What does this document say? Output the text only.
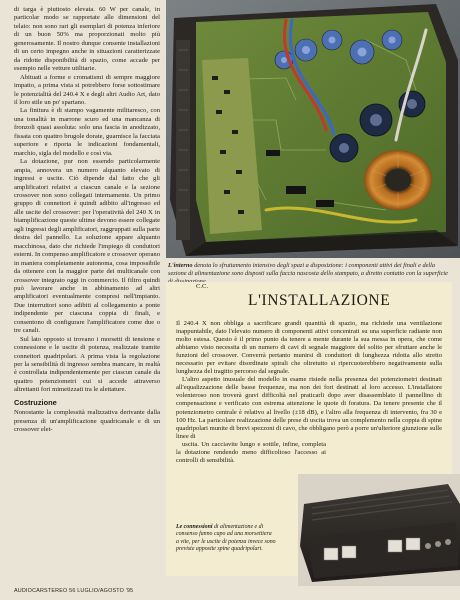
di targa è piuttosto elevata. 60 W per canale, in particolar modo se rapportate alle dimensioni del telaio: non sono rari gli esemplari di potenza inferiore di un buon 50% ma proporzionati molto più generosamente. Il nostro dunque consente installazioni di un certo impegno anche in situazioni caratterizzate da ridotte disponibilità di spazio, come accade per esempio nelle vetture utilitarie.

Abituati a forme e cromatismi di sempre maggiore impatto, a prima vista si potrebbero forse sottostimare le potenzialità del 240.4 X e degli altri Audio Art, dato il loro stile un po' spartano.

La finitura è di stampo vagamente militaresco, con una tonalità in marrone scuro ed una mancanza di fronzoli quasi assoluta: solo una fascia in anodizzato, fissata con quattro brugole dorate, guarnisce la facciata superiore e riporta le indicazioni fondamentali, marchio, sigla del modello e così via.

La dotazione, pur non essendo particolarmente ampia, annovera un numero alquanto elevato di ingressi e uscite. Ciò dipende dal fatto che gli amplificatori relativi a ciascun canale e la sezione crossover non sono collegati internamente. Un primo gruppo di connettori è quindi adibito all'ingresso ed alle uscite del crossover: per l'operatività del 240 X in biamplificazione queste ultime devono essere collegate agli ingressi degli amplificatori, raggruppati sulla parte destra del pannello. La soluzione appare alquanto macchinosa, dato che richiede l'impiego di conduttori esterni. In compenso amplificatore e crossover operano in maniera completamente autonoma, cosa impossibile da ottenere con la maggior parte dei multicanale con crossover integrato oggi in commercio. Il filtro quindi può lavorare anche in abbinamento ad altri amplificatori eventualmente compresi nell'impianto. Due interruttori sono adibiti al collegamento a ponte indipendente per ciascuna coppia di finali, e consentono di configurare l'amplificatore come due o tre canali.

Sul lato opposto si trovano i morsetti di tensione e connessione e le uscite di potenza, realizzate tramite connettori quadripolari. A prima vista la regolazione per la sensibilità di ingresso sembra mancare, in realtà è controllata indipendentemente per ciascun canale da quattro potenziometri cui si accede attraverso altrettanti fori mimetizzati tra le alettature.

Costruzione

Nonostante la complessità realizzativa derivante dalla presenza di un'amplificazione quadricanale e di un crossover elet-

L'interno denota lo sfruttamento intensivo degli spazi a disposizione: i componenti attivi dei finali e della sezione di alimentazione sono disposti sulla faccia nascosta dello stampato, a diretto contatto con la superficie
L'INSTALLAZIONE

Il 240.4 X non obbliga a sacrificare grandi quantità di spazio, ma richiede una ventilazione inappuntabile, dato l'elevato numero di componenti attivi concentrati su una superficie radiante non molto estesa. Questo è il primo punto da tenere a mente durante la sua messa in opera, che come abbiamo visto necessita di un numero di cavi di segnale maggiore del solito per sfruttare anche le funzioni del crossover. Converrà pertanto munirsi di conduttori di lunghezza ridotta allo stretto necessario per evitare disordinate spirali che oltretutto si ripercuoterebbero negativamente sulla lunghezza del tragitto percorso dal segnale.

L'altro aspetto inusuale del modello in esame risiede nella presenza dei potenziometri destinati all'equalizzazione delle basse frequenze, ma non dei fori destinati al loro accesso. L'installatore volenteroso non troverà gravi difficoltà nel praticarli dopo aver disassemblato il pannellino di compensazione e verificato con estrema attenzione le quote di foratura. Da tenere presente che il potenziometro centrale è relativo al livello (±18 dB), e l'altro alla frequenza di intervento, fra 30 e 100 Hz. La particolare realizzazione delle prese di uscita trova un complemento nella coppia di spine quadripolari munite di brevi spezzoni di cavo, che obbligano però a porre un'ulteriore giunzione sulle linee di

uscita. Un cacciavite lungo e sottile, infine, completa la dotazione rendendo meno difficoltoso l'accesso ai controlli di sensibilità.

C.C.
Le connessioni di alimentazione e di consenso fanno capo ad una morsettiera a vite, per le uscite di potenza invece sono previste apposite spine quadripolari.
AUDIOCARSTEREO 56 LUGLIO/AGOSTO '95
